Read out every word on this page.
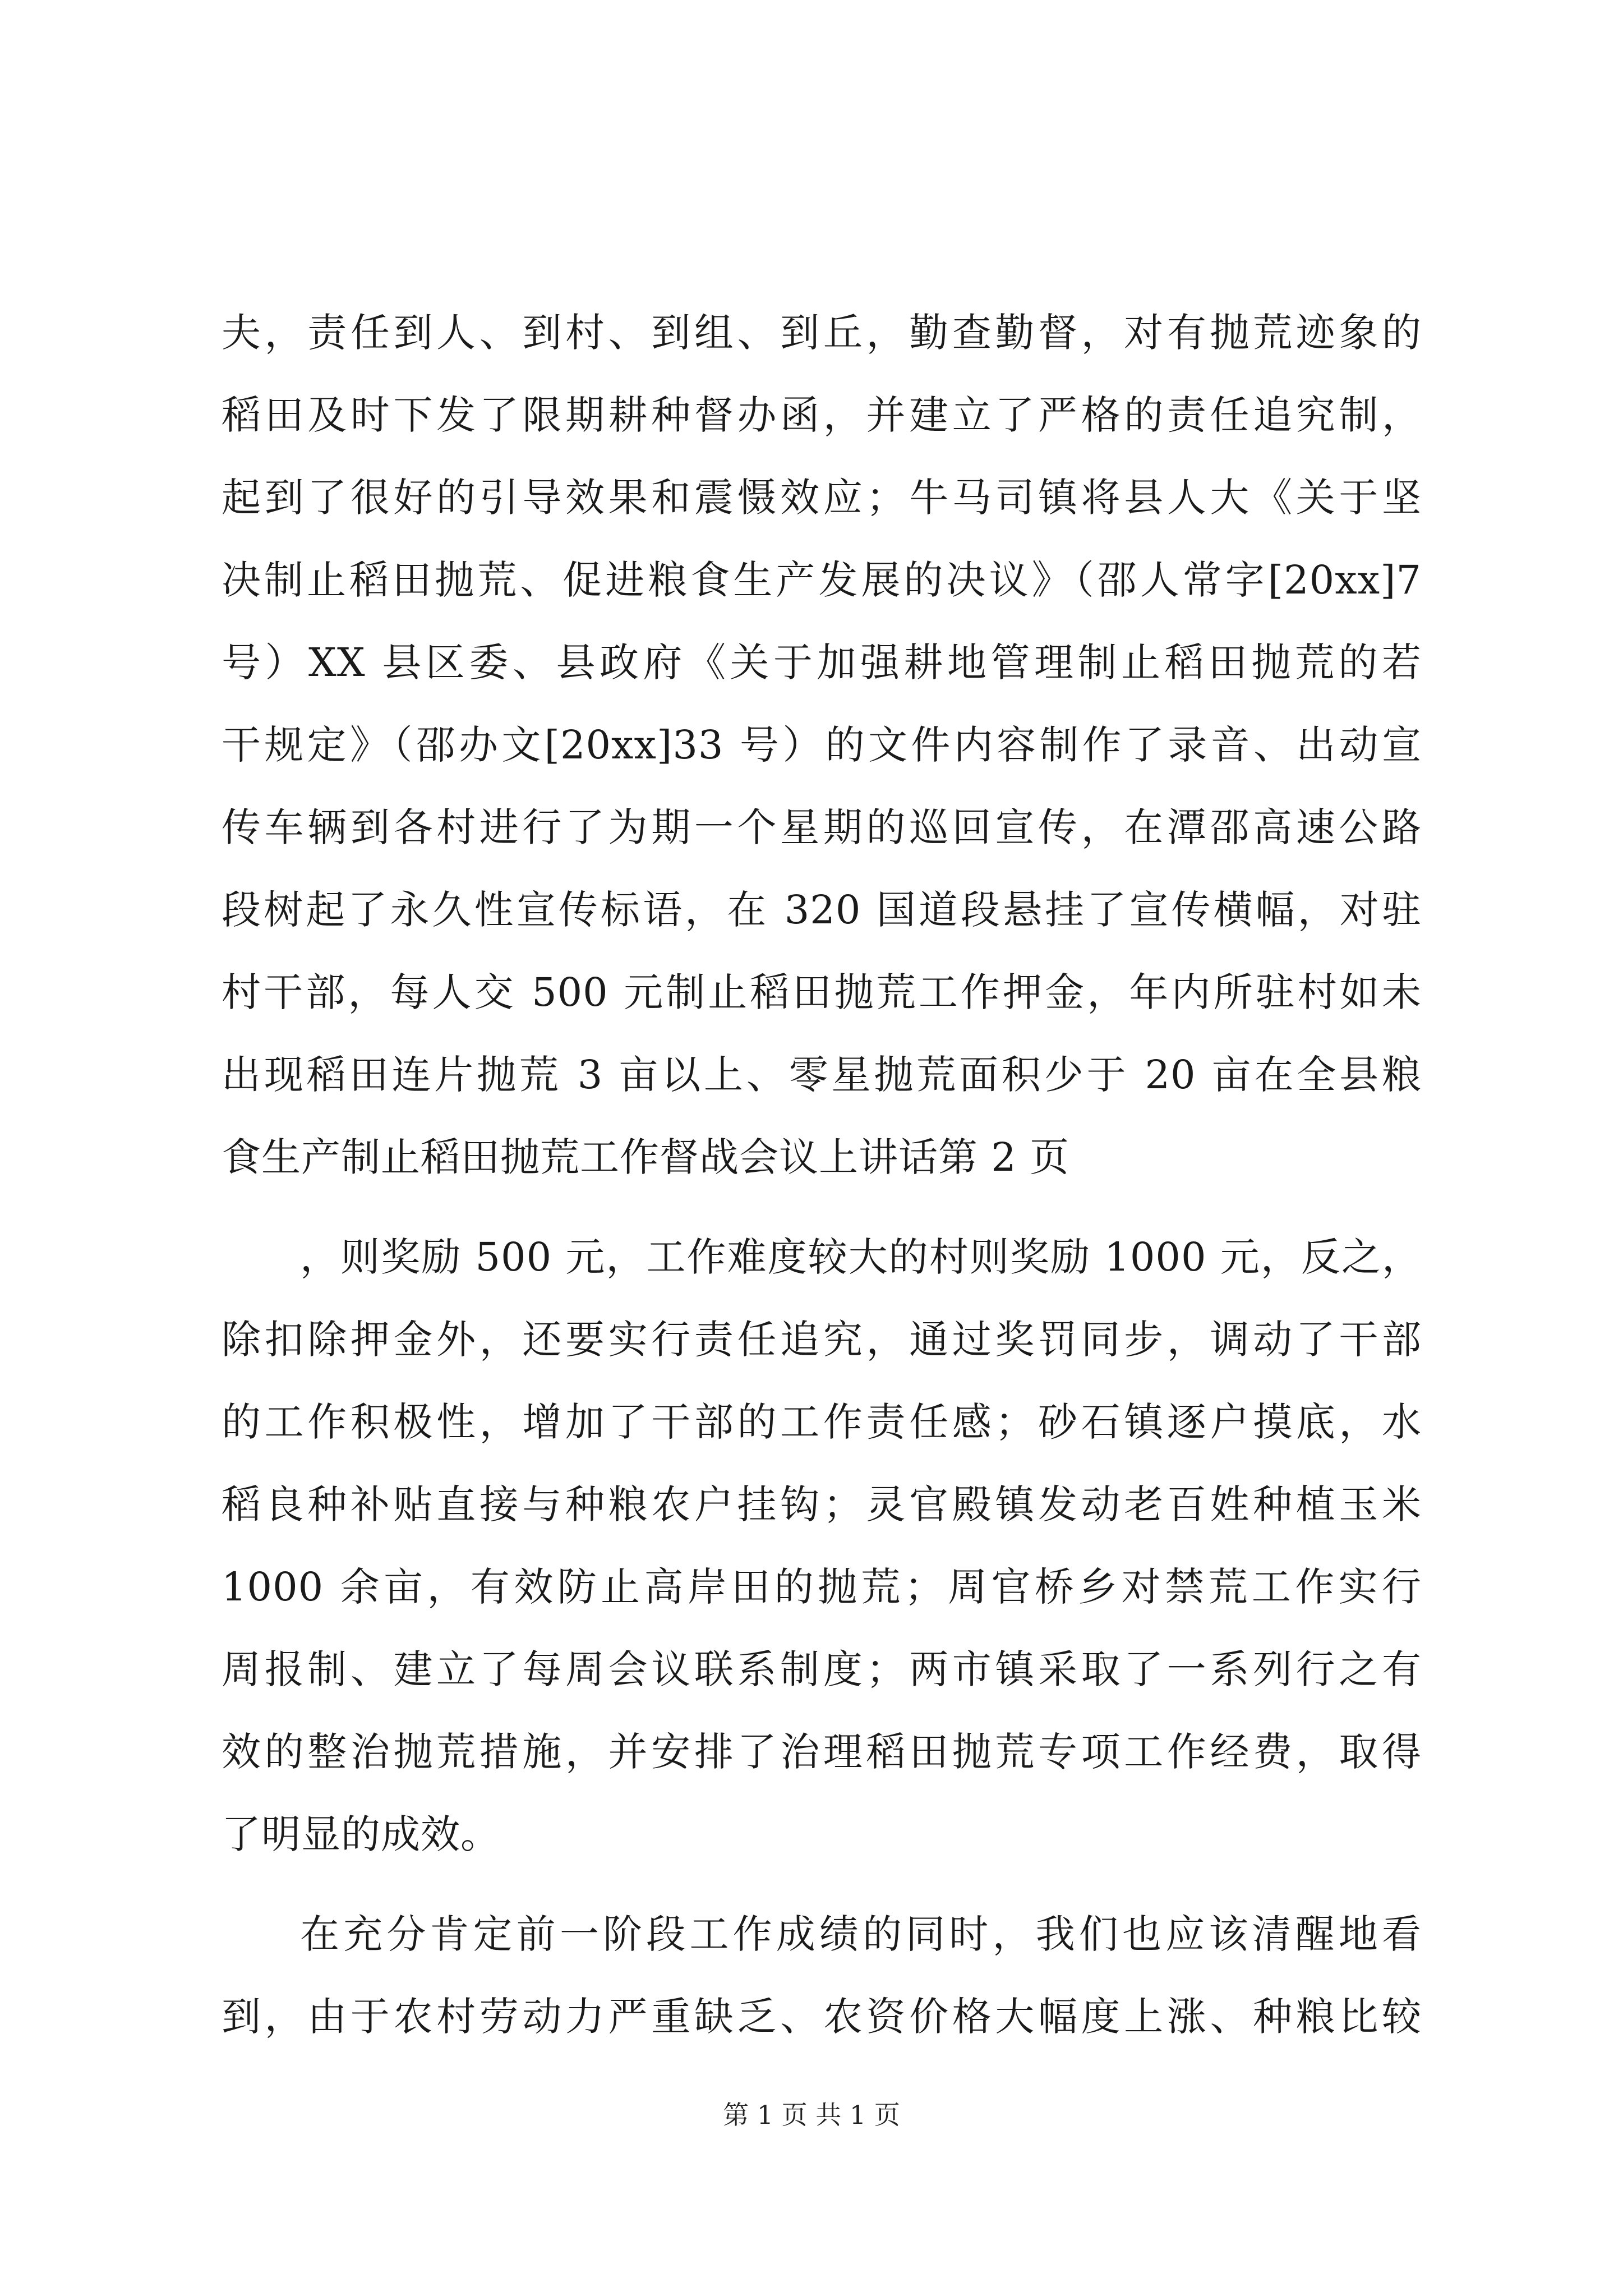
夫，责任到人、到村、到组、到丘，勤查勤督，对有抛荒迹象的
稻田及时下发了限期耕种督办函，并建立了严格的责任追究制，
起到了很好的引导效果和震慑效应；牛马司镇将县人大《关于坚
决制止稻田抛荒、促进粮食生产发展的决议》（邵人常字[20xx]7
号）XX 县区委、县政府《关于加强耕地管理制止稻田抛荒的若
干规定》（邵办文[20xx]33 号）的文件内容制作了录音、出动宣
传车辆到各村进行了为期一个星期的巡回宣传，在潭邵高速公路
段树起了永久性宣传标语，在 320 国道段悬挂了宣传横幅，对驻
村干部，每人交 500 元制止稻田抛荒工作押金，年内所驻村如未
出现稻田连片抛荒 3 亩以上、零星抛荒面积少于 20 亩在全县粮
食生产制止稻田抛荒工作督战会议上讲话第 2 页
，则奖励 500 元，工作难度较大的村则奖励 1000 元，反之，
除扣除押金外，还要实行责任追究，通过奖罚同步，调动了干部
的工作积极性，增加了干部的工作责任感；砂石镇逐户摸底，水
稻良种补贴直接与种粮农户挂钩；灵官殿镇发动老百姓种植玉米
1000 余亩，有效防止高岸田的抛荒；周官桥乡对禁荒工作实行
周报制、建立了每周会议联系制度；两市镇采取了一系列行之有
效的整治抛荒措施，并安排了治理稻田抛荒专项工作经费，取得
了明显的成效。
在充分肯定前一阶段工作成绩的同时，我们也应该清醒地看
到，由于农村劳动力严重缺乏、农资价格大幅度上涨、种粮比较
第 1 页 共 1 页
